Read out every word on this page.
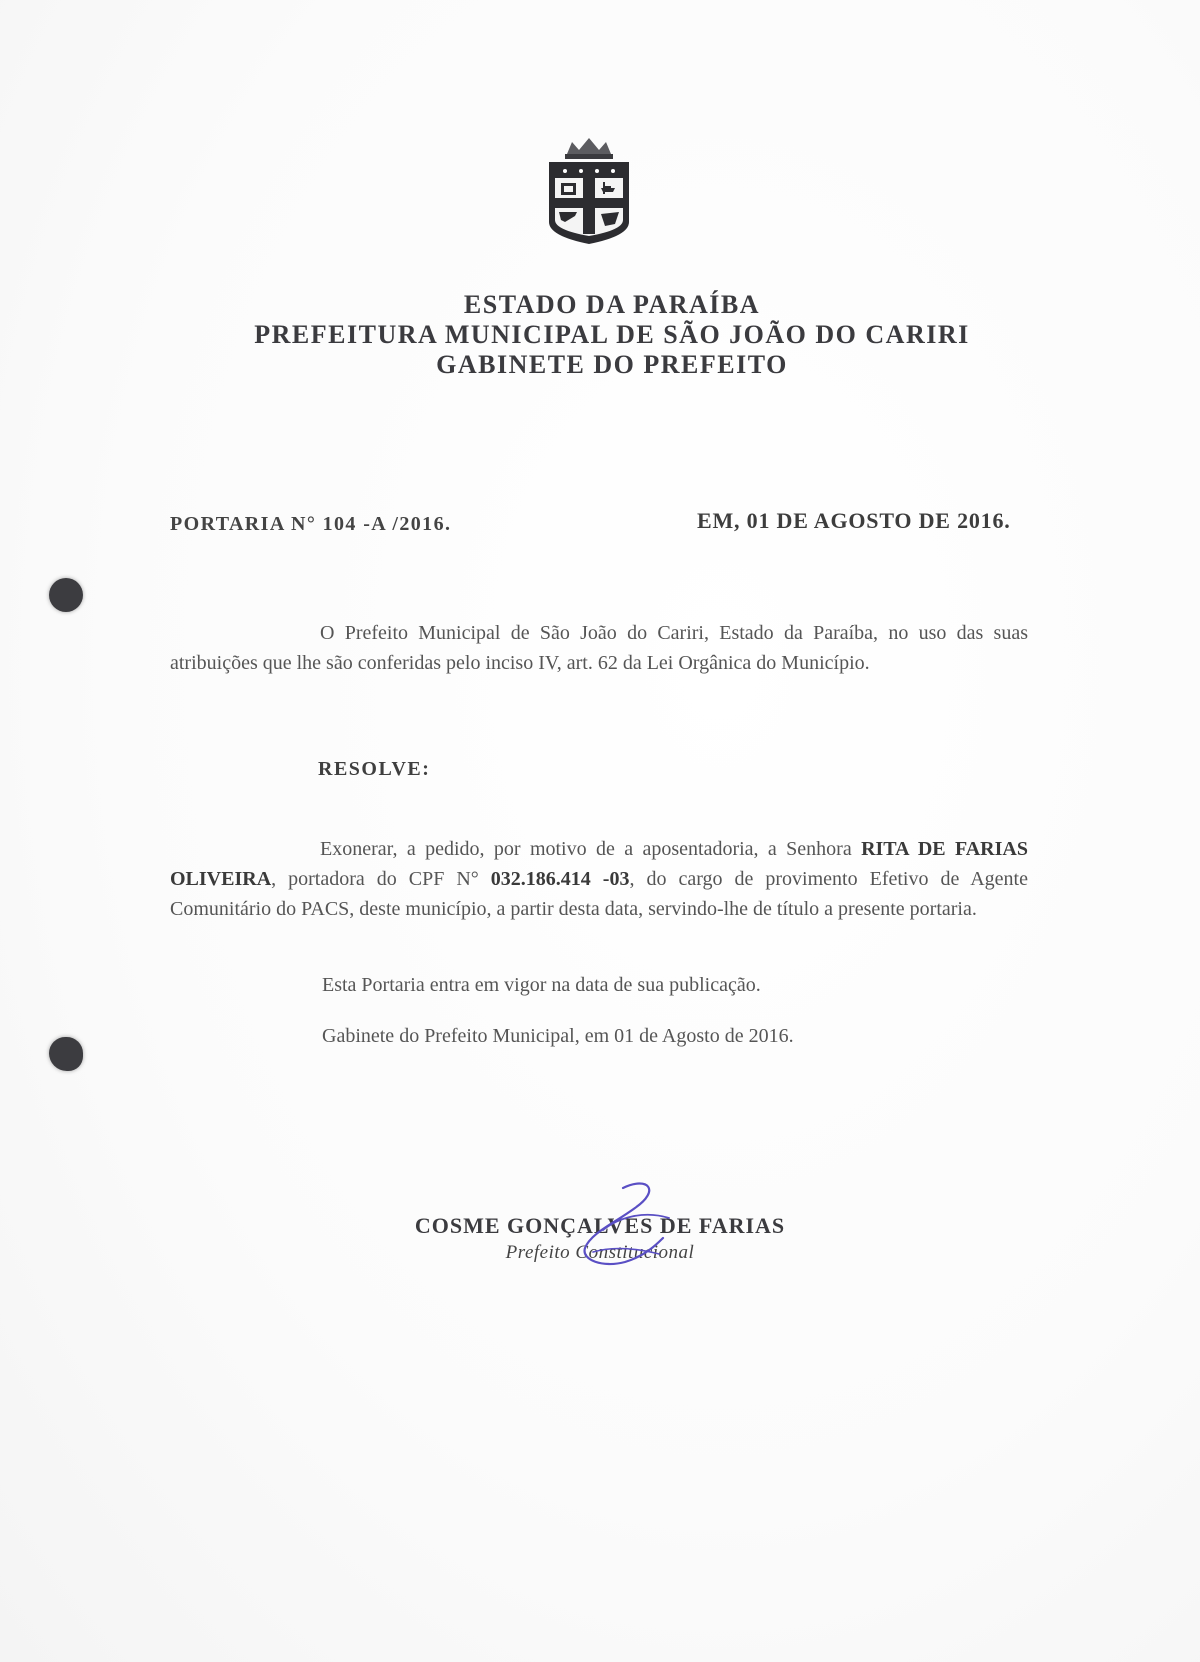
ESTADO DA PARAÍBA
PREFEITURA MUNICIPAL DE SÃO JOÃO DO CARIRI
GABINETE DO PREFEITO
PORTARIA N° 104 -A /2016.	EM, 01 DE AGOSTO DE 2016.
O Prefeito Municipal de São João do Cariri, Estado da Paraíba, no uso das suas atribuições que lhe são conferidas pelo inciso IV, art. 62 da Lei Orgânica do Município.
RESOLVE:
Exonerar, a pedido, por motivo de a aposentadoria, a Senhora RITA DE FARIAS OLIVEIRA, portadora do CPF N° 032.186.414 -03, do cargo de provimento Efetivo de Agente Comunitário do PACS, deste município, a partir desta data, servindo-lhe de título a presente portaria.
Esta Portaria entra em vigor na data de sua publicação.
Gabinete do Prefeito Municipal, em 01 de Agosto de 2016.
COSME GONÇALVES DE FARIAS
Prefeito Constitucional
